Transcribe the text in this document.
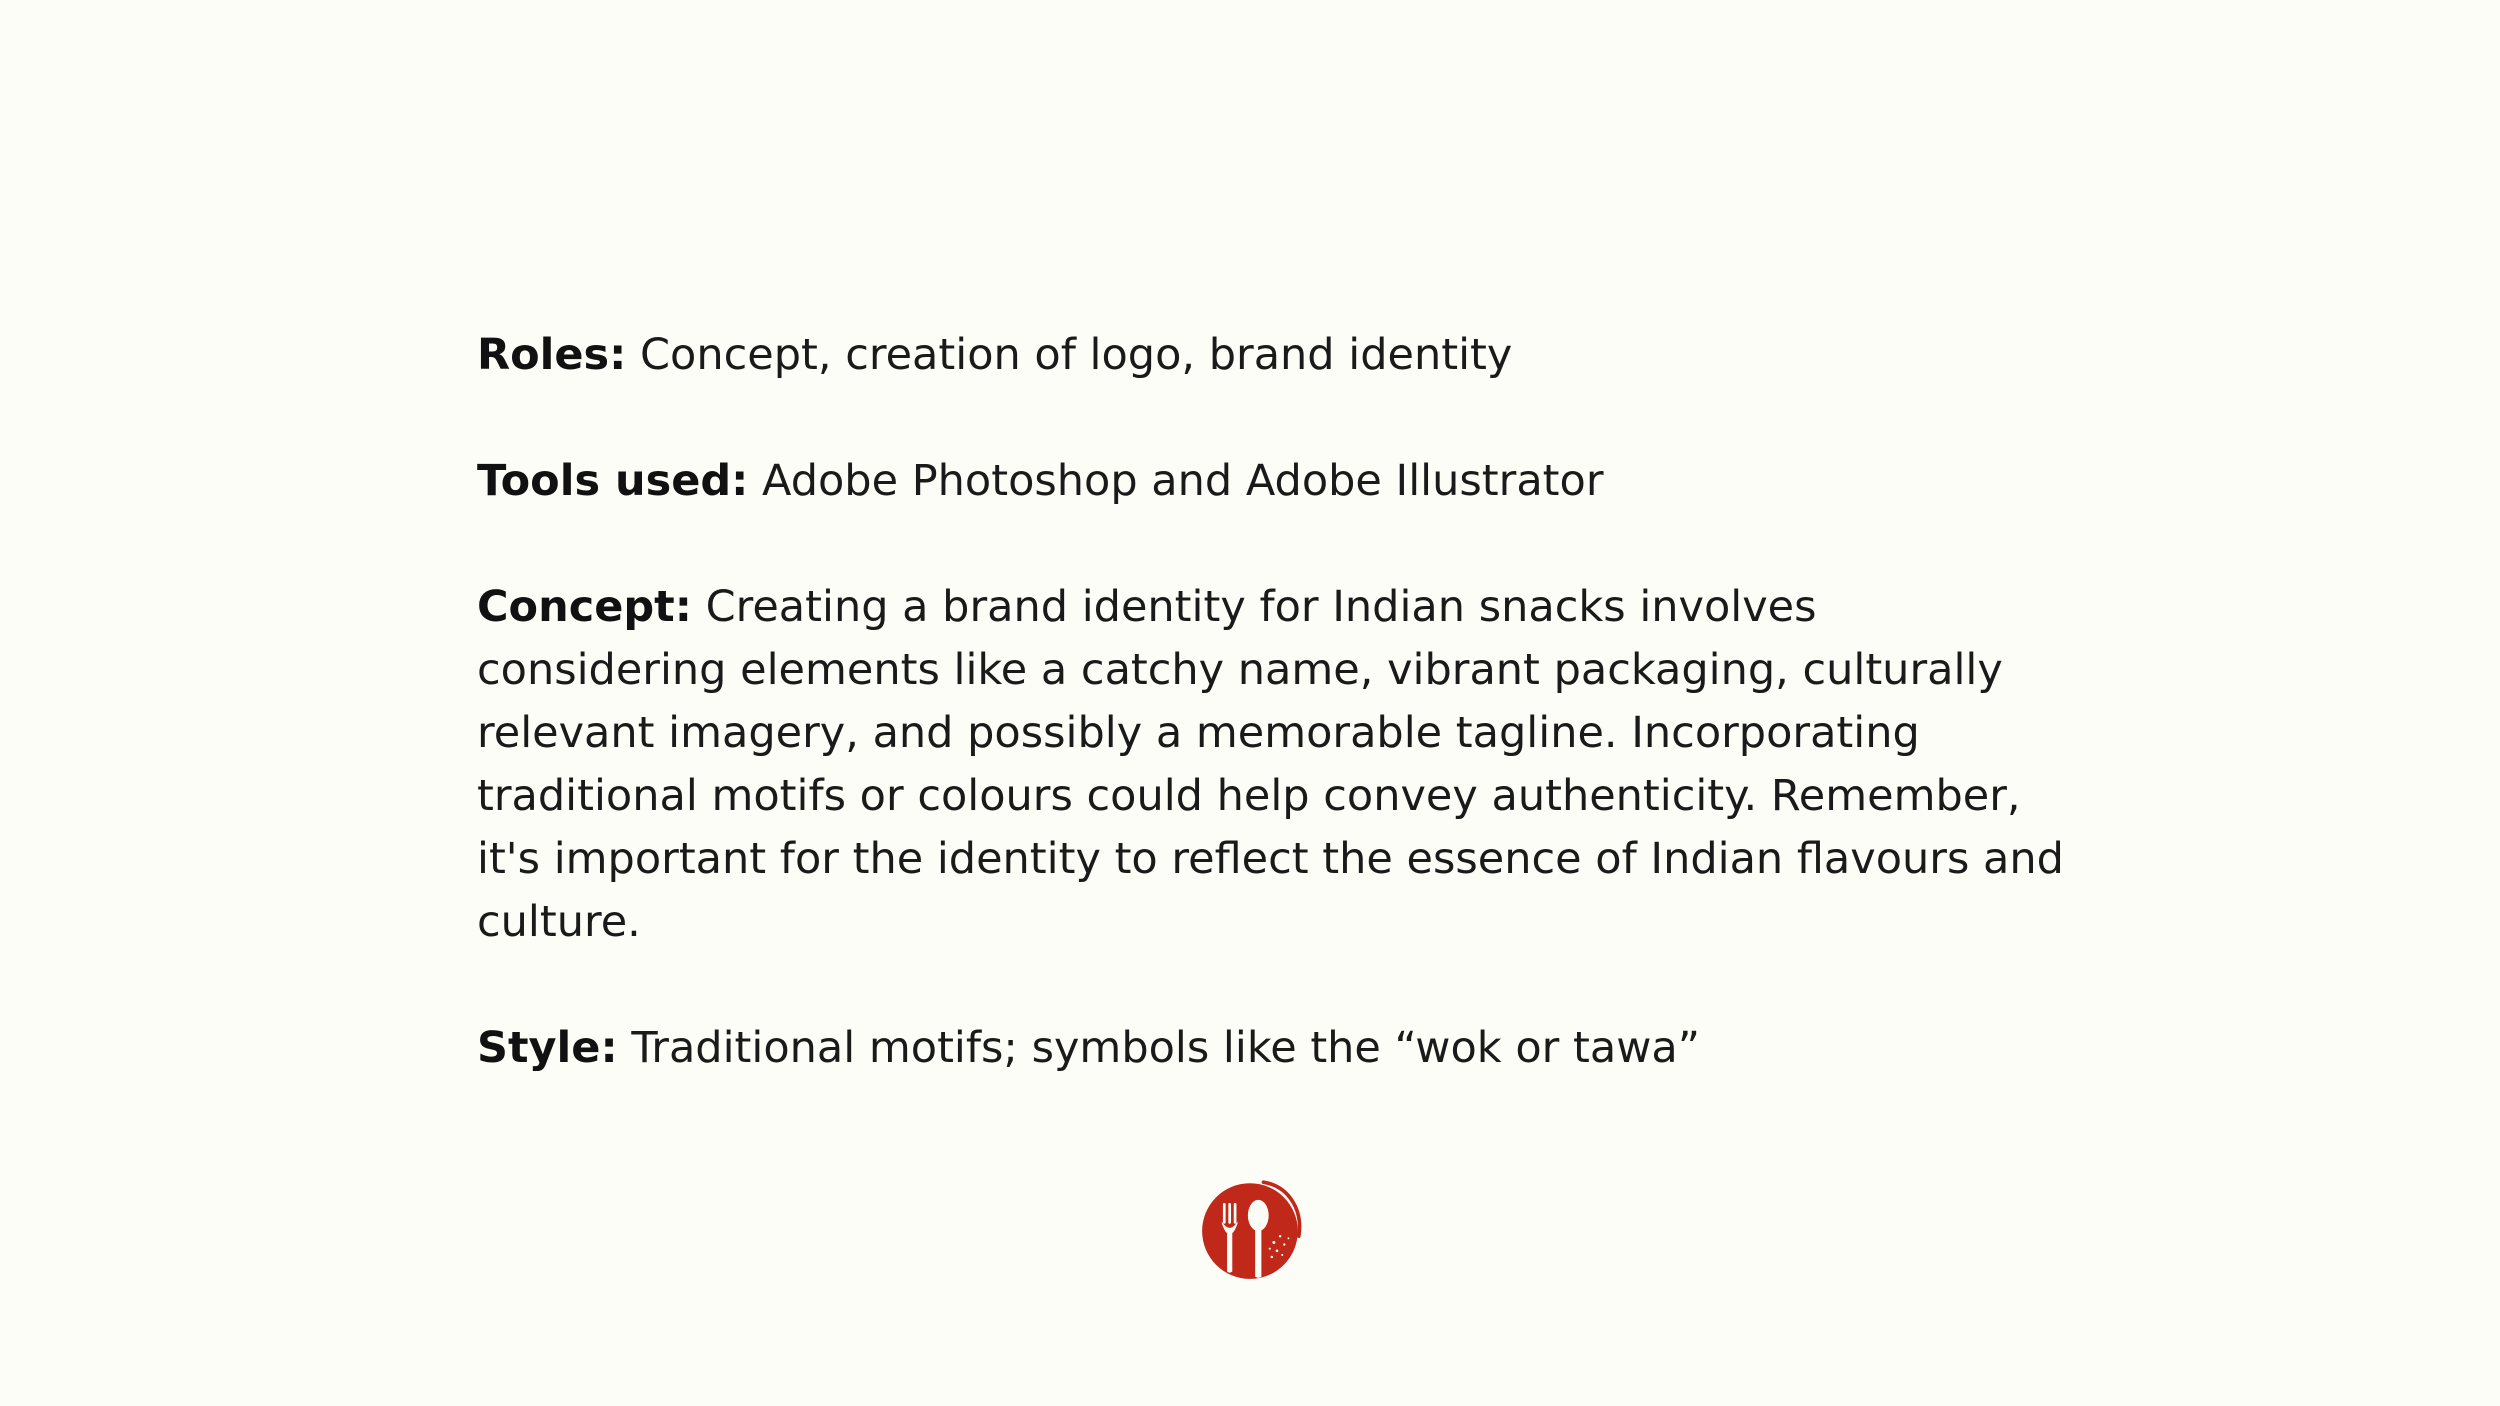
Roles: Concept, creation of logo, brand identity

Tools used: Adobe Photoshop and Adobe Illustrator

Concept: Creating a brand identity for Indian snacks involves considering elements like a catchy name, vibrant packaging, culturally relevant imagery, and possibly a memorable tagline. Incorporating traditional motifs or colours could help convey authenticity. Remember, it's important for the identity to reflect the essence of Indian flavours and culture.

Style: Traditional motifs; symbols like the “wok or tawa”
